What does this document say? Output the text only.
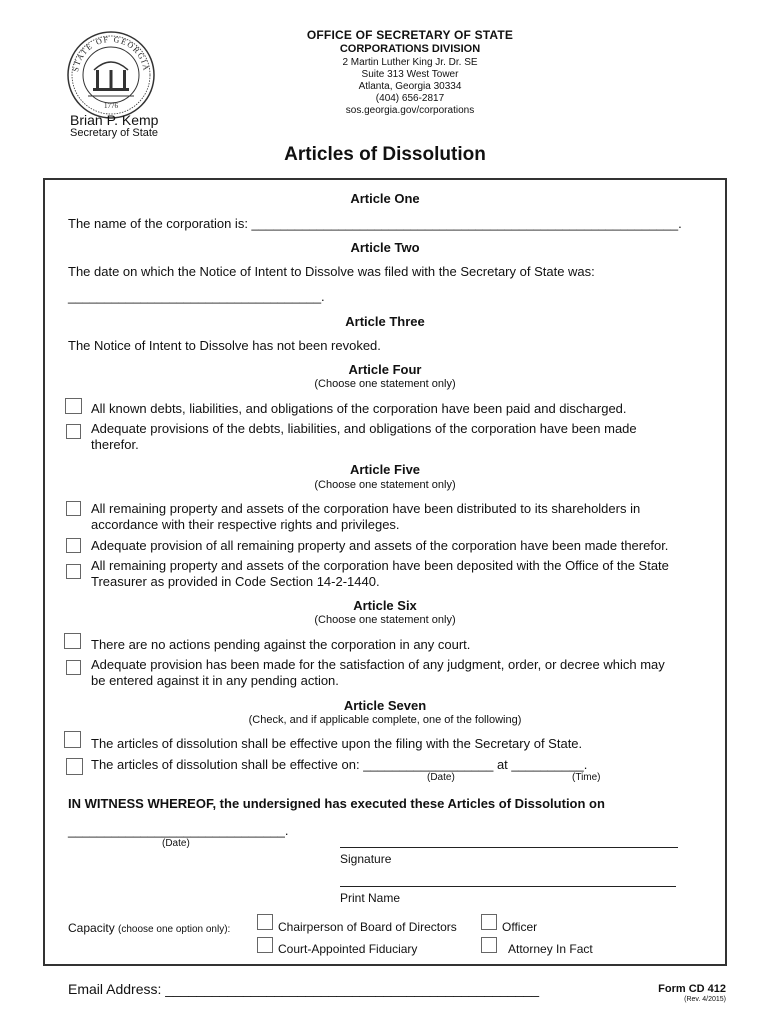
STATE OF GEORGIA
1776
Brian P. Kemp
Secretary of State
OFFICE OF SECRETARY OF STATE
CORPORATIONS DIVISION
2 Martin Luther King Jr. Dr. SE
Suite 313 West Tower
Atlanta, Georgia 30334
(404) 656-2817
sos.georgia.gov/corporations
Articles of Dissolution
Article One
The name of the corporation is: ___________________________________________________________.
Article Two
The date on which the Notice of Intent to Dissolve was filed with the Secretary of State was:
___________________________________.
Article Three
The Notice of Intent to Dissolve has not been revoked.
Article Four
(Choose one statement only)
All known debts, liabilities, and obligations of the corporation have been paid and discharged.
Adequate provisions of the debts, liabilities, and obligations of the corporation have been made
therefor.
Article Five
(Choose one statement only)
All remaining property and assets of the corporation have been distributed to its shareholders in
accordance with their respective rights and privileges.
Adequate provision of all remaining property and assets of the corporation have been made therefor.
All remaining property and assets of the corporation have been deposited with the Office of the State
Treasurer as provided in Code Section 14-2-1440.
Article Six
(Choose one statement only)
There are no actions pending against the corporation in any court.
Adequate provision has been made for the satisfaction of any judgment, order, or decree which may
be entered against it in any pending action.
Article Seven
(Check, and if applicable complete, one of the following)
The articles of dissolution shall be effective upon the filing with the Secretary of State.
The articles of dissolution shall be effective on: __________________ at __________.
(Date)	(Time)
IN WITNESS WHEREOF, the undersigned has executed these Articles of Dissolution on
______________________________.
(Date)
Signature
Print Name
Capacity (choose one option only):	Chairperson of Board of Directors	Officer
Court-Appointed Fiduciary	Attorney In Fact
Email Address: ________________________________________________	Form CD 412
(Rev. 4/2015)
